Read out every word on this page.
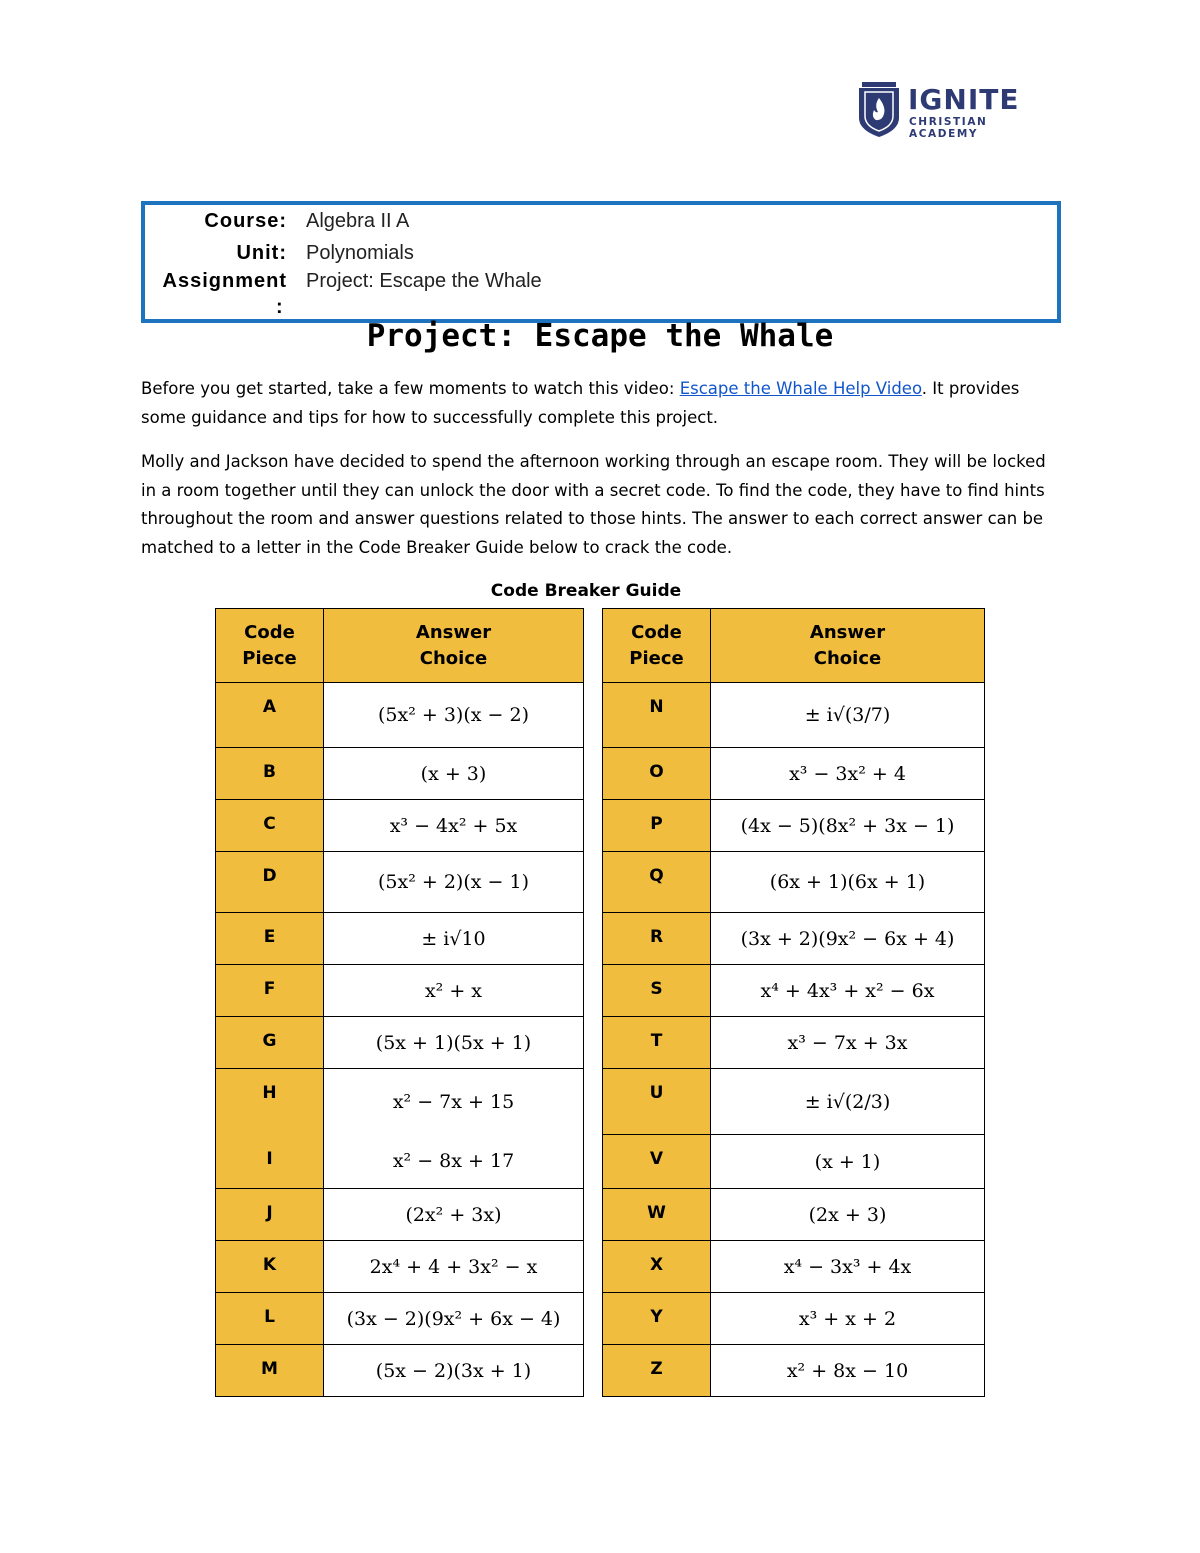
IGNITE
CHRISTIAN ACADEMY
Course: Algebra II A
Unit: Polynomials
Assignment
:
Project: Escape the Whale
Project: Escape the Whale
Before you get started, take a few moments to watch this video: Escape the Whale Help Video. It provides some guidance and tips for how to successfully complete this project.
Molly and Jackson have decided to spend the afternoon working through an escape room. They will be locked in a room together until they can unlock the door with a secret code. To find the code, they have to find hints throughout the room and answer questions related to those hints. The answer to each correct answer can be matched to a letter in the Code Breaker Guide below to crack the code.
Code Breaker Guide
Code
Piece	Answer
Choice
A	(5x² + 3)(x − 2)
B	(x + 3)
C	x³ − 4x² + 5x
D	(5x² + 2)(x − 1)
E	± i√10
F	x² + x
G	(5x + 1)(5x + 1)
H	x² − 7x + 15
I	x² − 8x + 17
J	(2x² + 3x)
K	2x⁴ + 4 + 3x² − x
L	(3x − 2)(9x² + 6x − 4)
M	(5x − 2)(3x + 1)
Code
Piece	Answer
Choice
N	± i√(3/7)
O	x³ − 3x² + 4
P	(4x − 5)(8x² + 3x − 1)
Q	(6x + 1)(6x + 1)
R	(3x + 2)(9x² − 6x + 4)
S	x⁴ + 4x³ + x² − 6x
T	x³ − 7x + 3x
U	± i√(2/3)
V	(x + 1)
W	(2x + 3)
X	x⁴ − 3x³ + 4x
Y	x³ + x + 2
Z	x² + 8x − 10
